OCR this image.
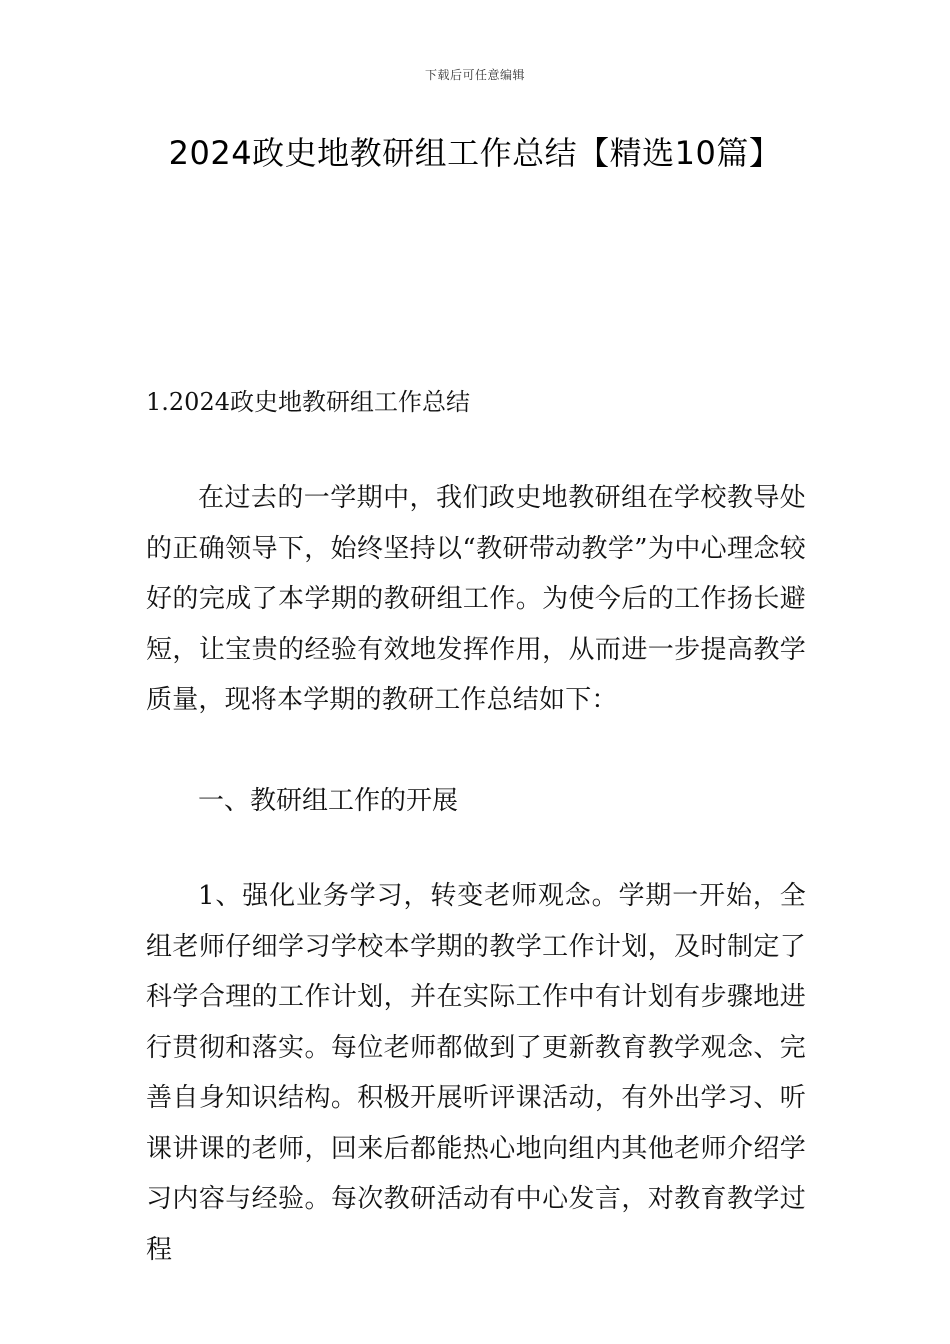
下载后可任意编辑
2024政史地教研组工作总结【精选10篇】
1.2024政史地教研组工作总结

在过去的一学期中，我们政史地教研组在学校教导处的正确领导下，始终坚持以“教研带动教学”为中心理念较好的完成了本学期的教研组工作。为使今后的工作扬长避短，让宝贵的经验有效地发挥作用，从而进一步提高教学质量，现将本学期的教研工作总结如下：

一、教研组工作的开展

1、强化业务学习，转变老师观念。学期一开始，全组老师仔细学习学校本学期的教学工作计划，及时制定了科学合理的工作计划，并在实际工作中有计划有步骤地进行贯彻和落实。每位老师都做到了更新教育教学观念、完善自身知识结构。积极开展听评课活动，有外出学习、听课讲课的老师，回来后都能热心地向组内其他老师介绍学习内容与经验。每次教研活动有中心发言，对教育教学过程
